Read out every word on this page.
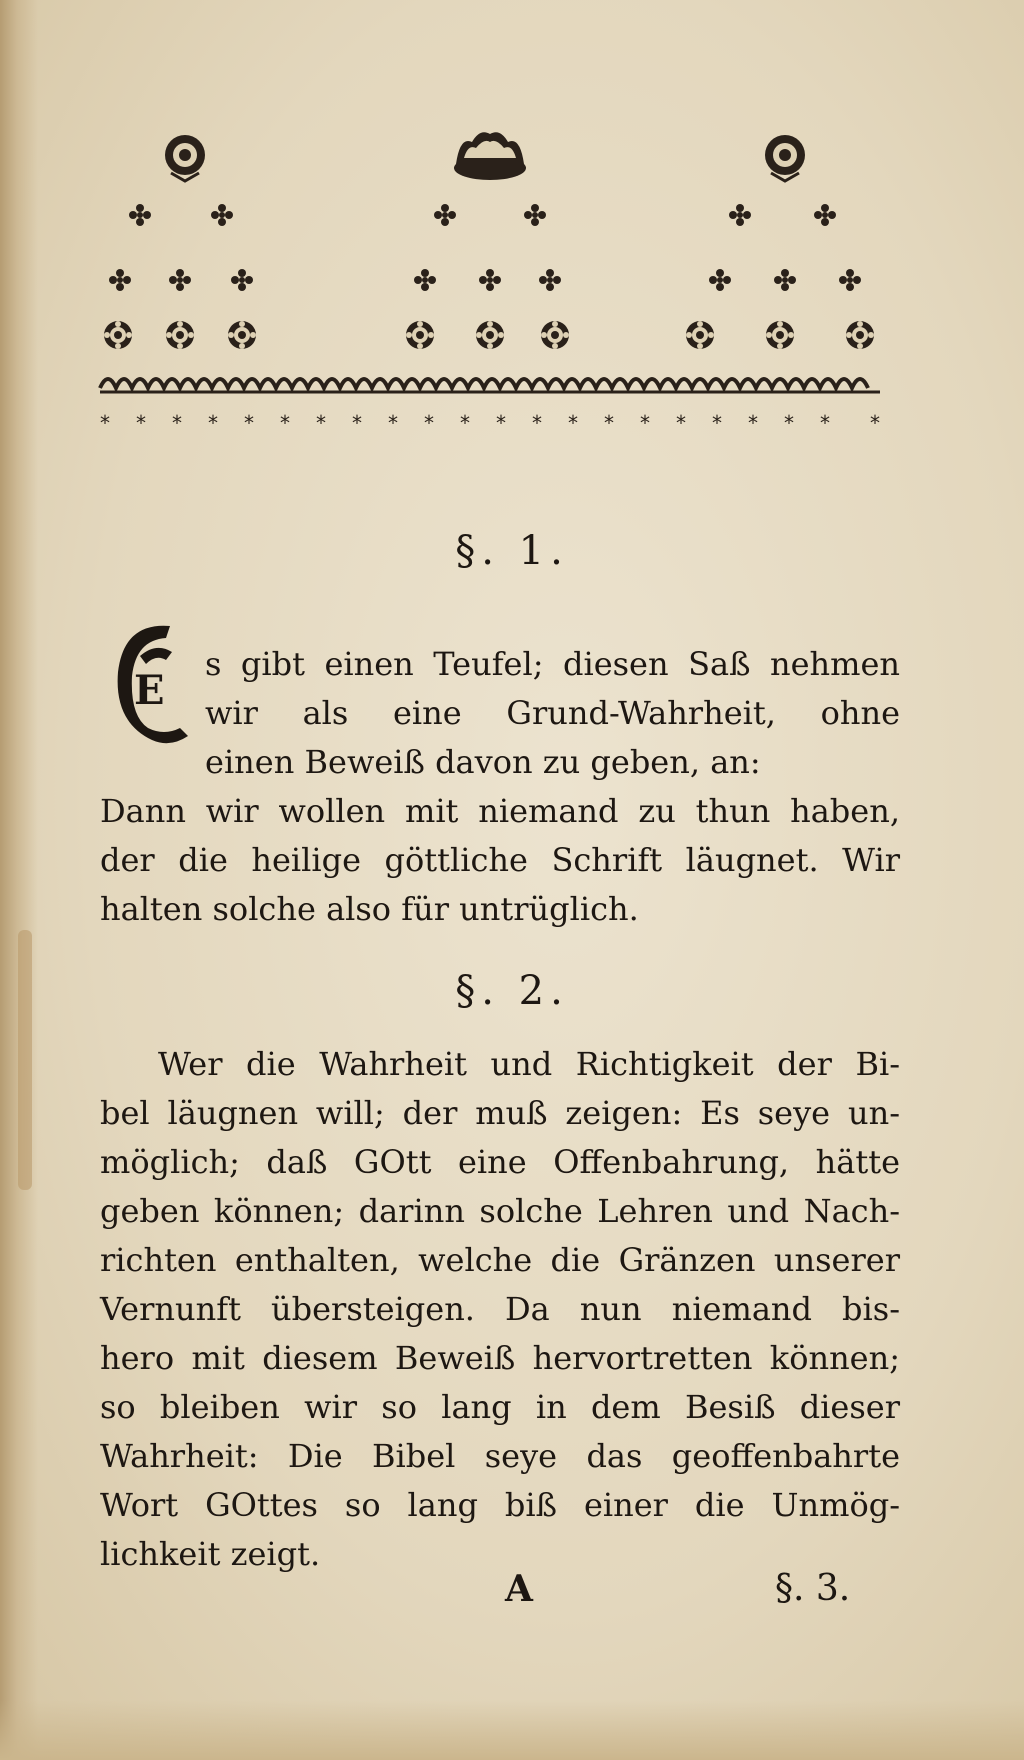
* * * * * * * * * * * * * * * * * * * * * *
§. 1.
E
s gibt einen Teufel; diesen Saß nehmen
wir als eine Grund-Wahrheit, ohne
einen Beweiß davon zu geben, an:
Dann wir wollen mit niemand zu thun haben,
der die heilige göttliche Schrift läugnet. Wir
halten solche also für untrüglich.
§. 2.
Wer die Wahrheit und Richtigkeit der Bi-
bel läugnen will; der muß zeigen: Es seye un-
möglich; daß GOtt eine Offenbahrung, hätte
geben können; darinn solche Lehren und Nach-
richten enthalten, welche die Gränzen unserer
Vernunft übersteigen. Da nun niemand bis-
hero mit diesem Beweiß hervortretten können;
so bleiben wir so lang in dem Besiß dieser
Wahrheit: Die Bibel seye das geoffenbahrte
Wort GOttes so lang biß einer die Unmög-
lichkeit zeigt.
A	§. 3.
